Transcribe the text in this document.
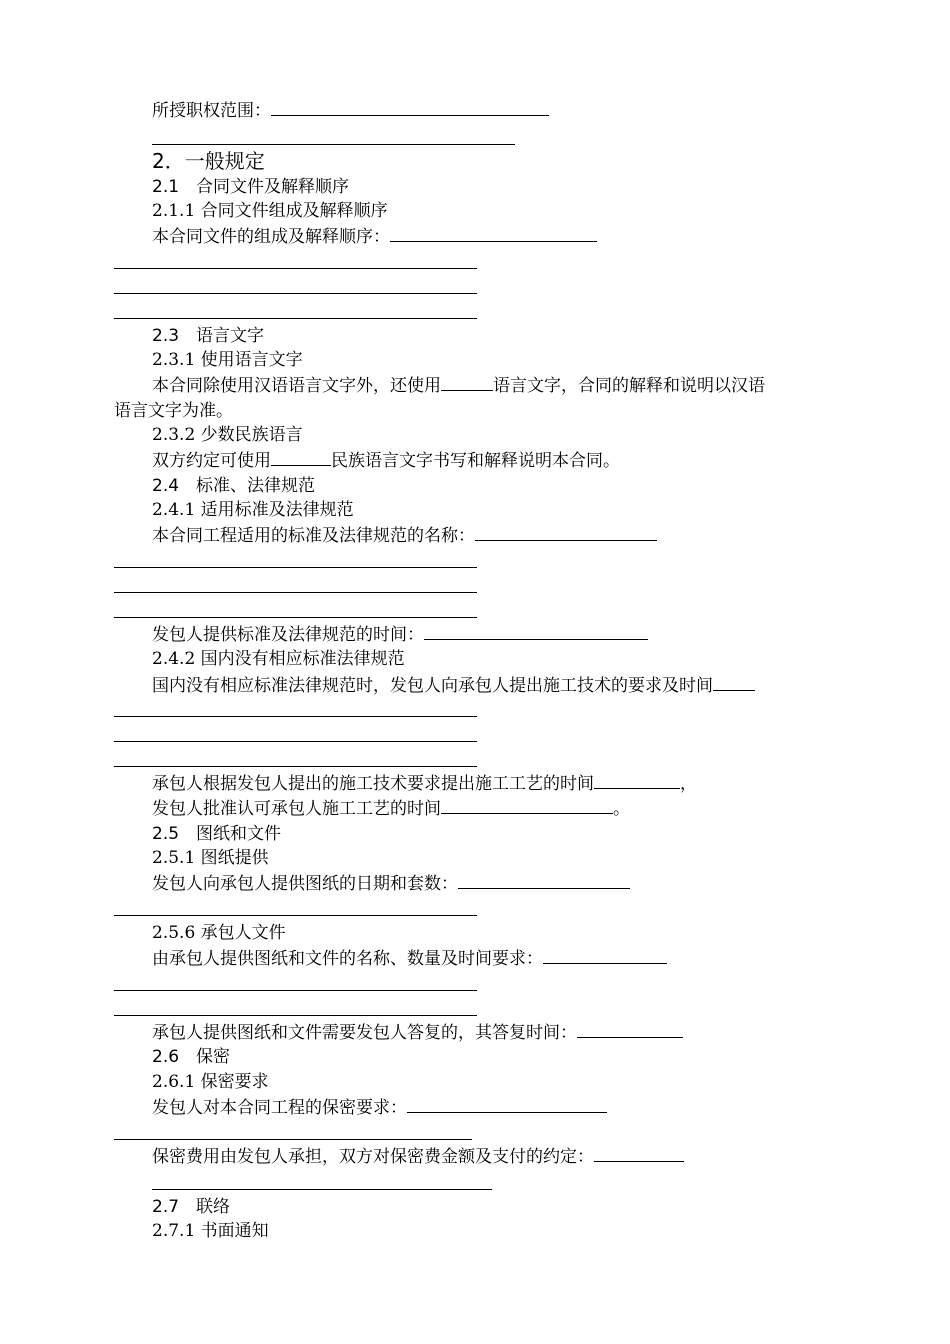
所授职权范围：
2．一般规定
2.1　合同文件及解释顺序
2.1.1 合同文件组成及解释顺序
本合同文件的组成及解释顺序：
2.3　语言文字
2.3.1 使用语言文字
本合同除使用汉语语言文字外，还使用	语言文字，合同的解释和说明以汉语
语言文字为准。
2.3.2 少数民族语言
双方约定可使用	民族语言文字书写和解释说明本合同。
2.4　标准、法律规范
2.4.1 适用标准及法律规范
本合同工程适用的标准及法律规范的名称：
发包人提供标准及法律规范的时间：
2.4.2 国内没有相应标准法律规范
国内没有相应标准法律规范时，发包人向承包人提出施工技术的要求及时间
承包人根据发包人提出的施工技术要求提出施工工艺的时间	，
发包人批准认可承包人施工工艺的时间	。
2.5　图纸和文件
2.5.1 图纸提供
发包人向承包人提供图纸的日期和套数：
2.5.6 承包人文件
由承包人提供图纸和文件的名称、数量及时间要求：
承包人提供图纸和文件需要发包人答复的，其答复时间：
2.6　保密
2.6.1 保密要求
发包人对本合同工程的保密要求：
保密费用由发包人承担，双方对保密费金额及支付的约定：
2.7　联络
2.7.1 书面通知
